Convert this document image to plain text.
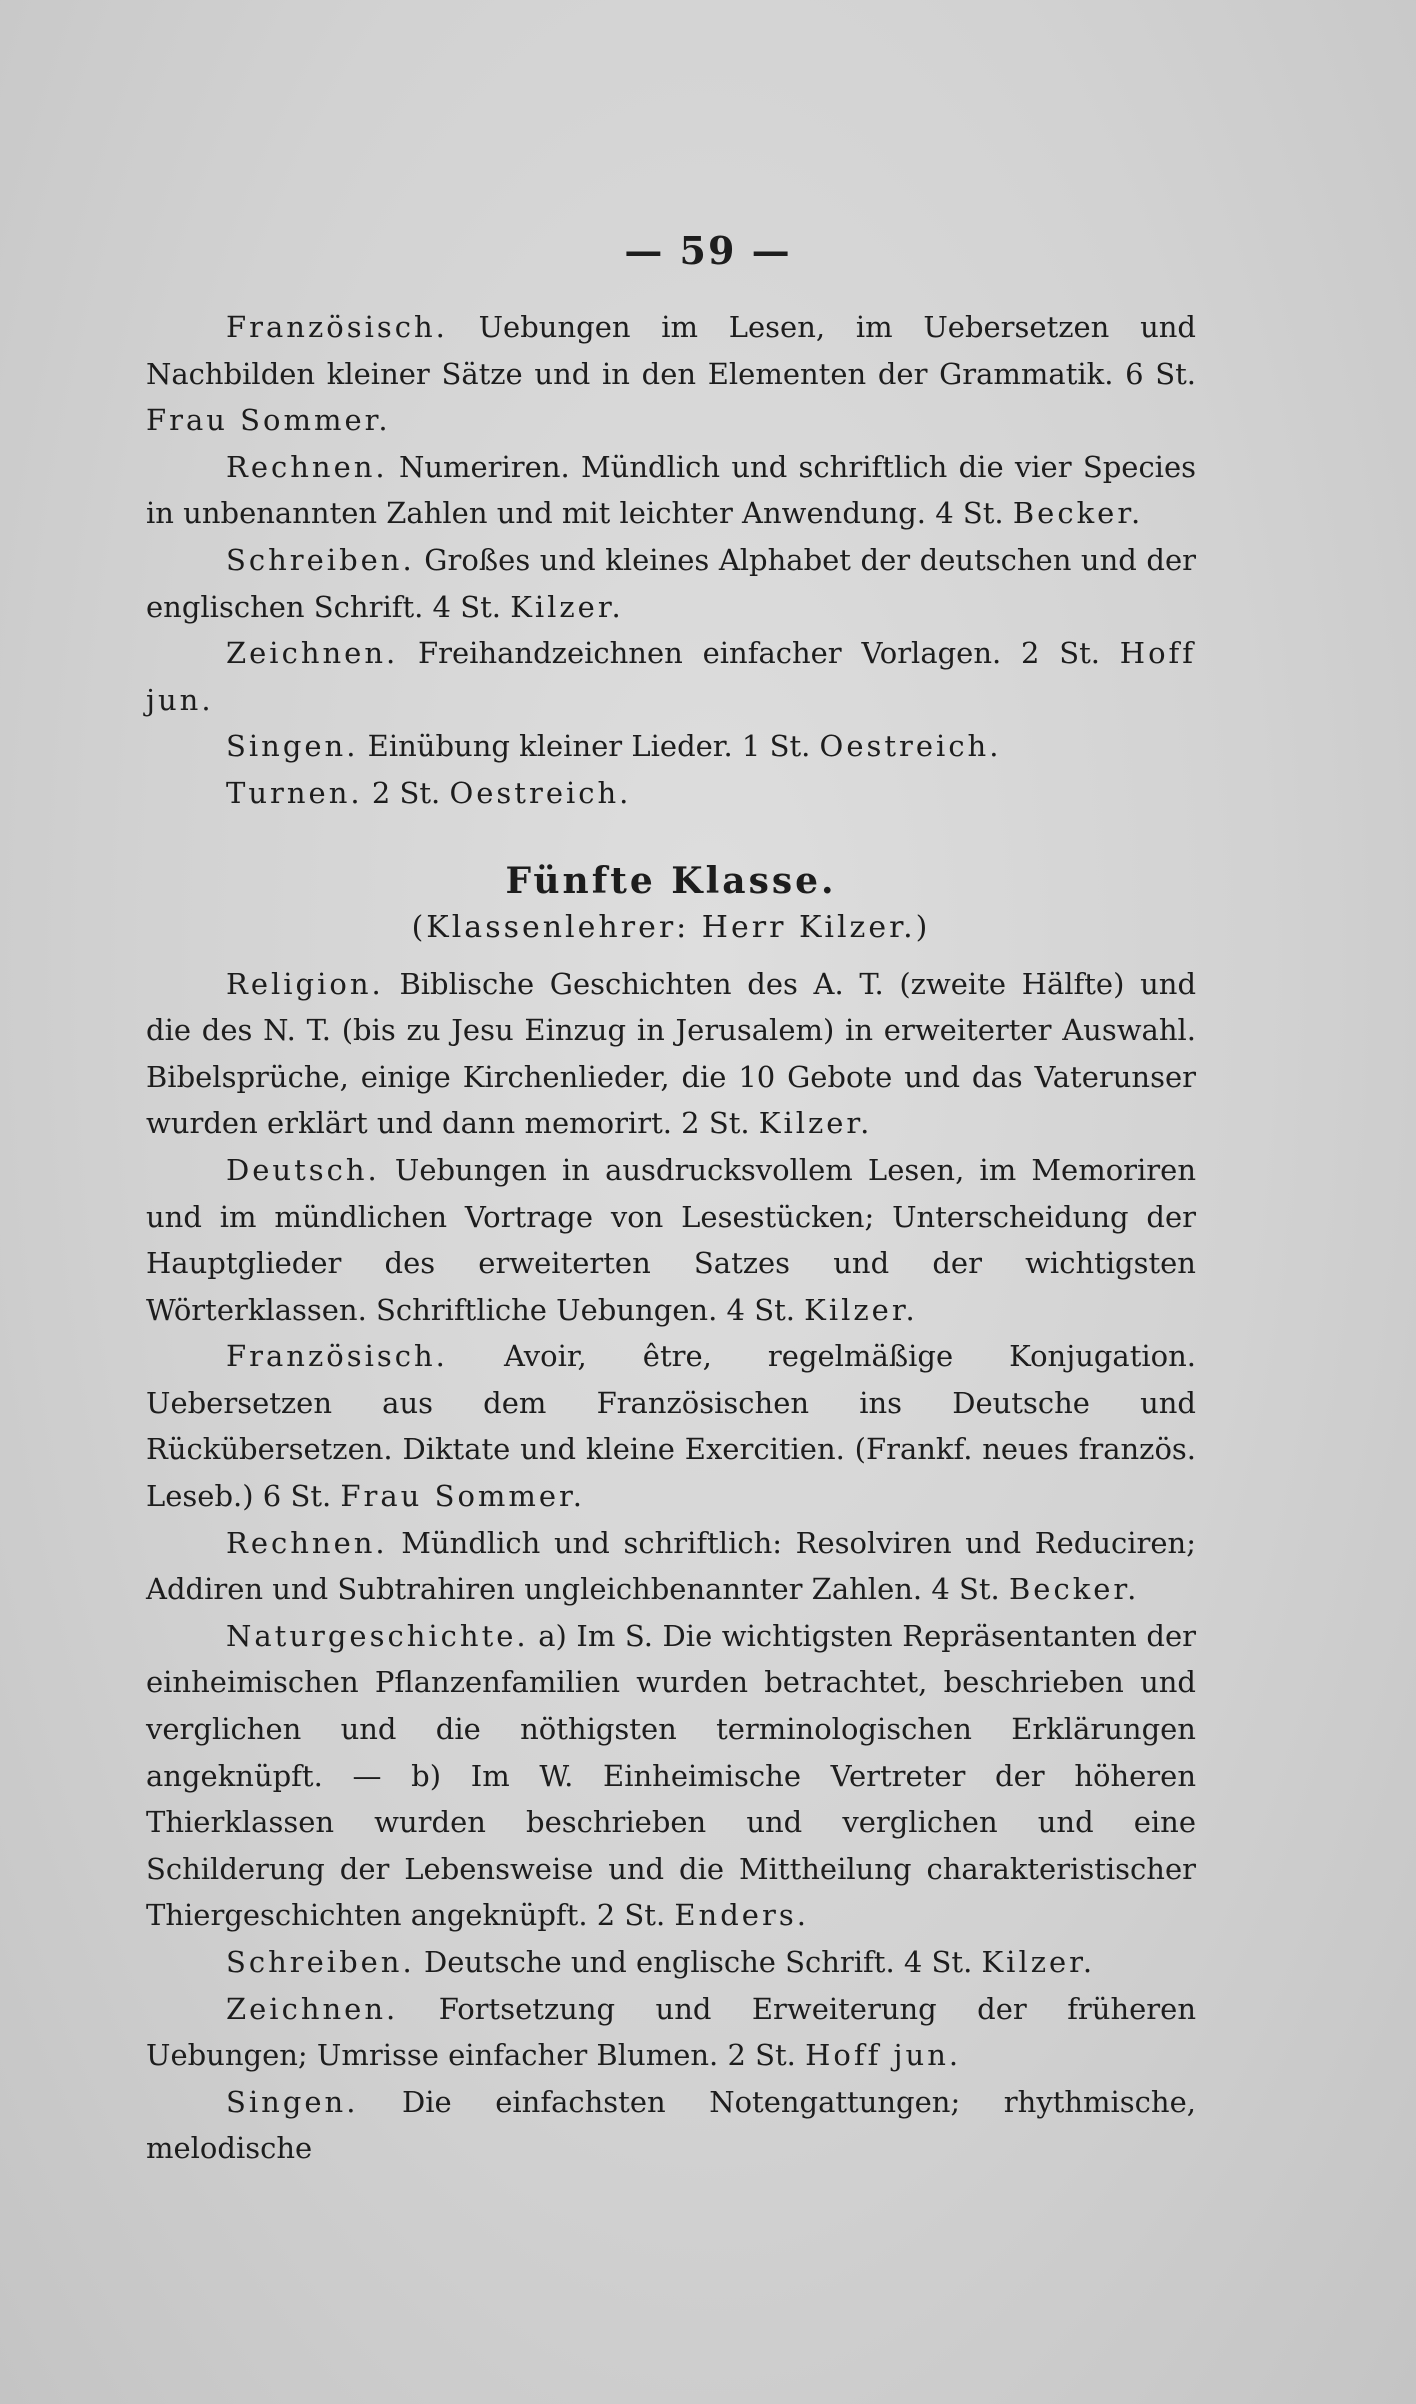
— 59 —

Französisch. Uebungen im Lesen, im Uebersetzen und Nachbilden kleiner Sätze und in den Elementen der Grammatik. 6 St. Frau Sommer.

Rechnen. Numeriren. Mündlich und schriftlich die vier Species in unbenannten Zahlen und mit leichter Anwendung. 4 St. Becker.

Schreiben. Großes und kleines Alphabet der deutschen und der englischen Schrift. 4 St. Kilzer.

Zeichnen. Freihandzeichnen einfacher Vorlagen. 2 St. Hoff jun.

Singen. Einübung kleiner Lieder. 1 St. Oestreich.

Turnen. 2 St. Oestreich.

Fünfte Klasse.
(Klassenlehrer: Herr Kilzer.)

Religion. Biblische Geschichten des A. T. (zweite Hälfte) und die des N. T. (bis zu Jesu Einzug in Jerusalem) in erweiterter Auswahl. Bibelsprüche, einige Kirchenlieder, die 10 Gebote und das Vaterunser wurden erklärt und dann memorirt. 2 St. Kilzer.

Deutsch. Uebungen in ausdrucksvollem Lesen, im Memoriren und im mündlichen Vortrage von Lesestücken; Unterscheidung der Hauptglieder des erweiterten Satzes und der wichtigsten Wörterklassen. Schriftliche Uebungen. 4 St. Kilzer.

Französisch. Avoir, être, regelmäßige Konjugation. Uebersetzen aus dem Französischen ins Deutsche und Rückübersetzen. Diktate und kleine Exercitien. (Frankf. neues französ. Leseb.) 6 St. Frau Sommer.

Rechnen. Mündlich und schriftlich: Resolviren und Reduciren; Addiren und Subtrahiren ungleichbenannter Zahlen. 4 St. Becker.

Naturgeschichte. a) Im S. Die wichtigsten Repräsentanten der einheimischen Pflanzenfamilien wurden betrachtet, beschrieben und verglichen und die nöthigsten terminologischen Erklärungen angeknüpft. — b) Im W. Einheimische Vertreter der höheren Thierklassen wurden beschrieben und verglichen und eine Schilderung der Lebensweise und die Mittheilung charakteristischer Thiergeschichten angeknüpft. 2 St. Enders.

Schreiben. Deutsche und englische Schrift. 4 St. Kilzer.

Zeichnen. Fortsetzung und Erweiterung der früheren Uebungen; Umrisse einfacher Blumen. 2 St. Hoff jun.

Singen. Die einfachsten Notengattungen; rhythmische, melodische
